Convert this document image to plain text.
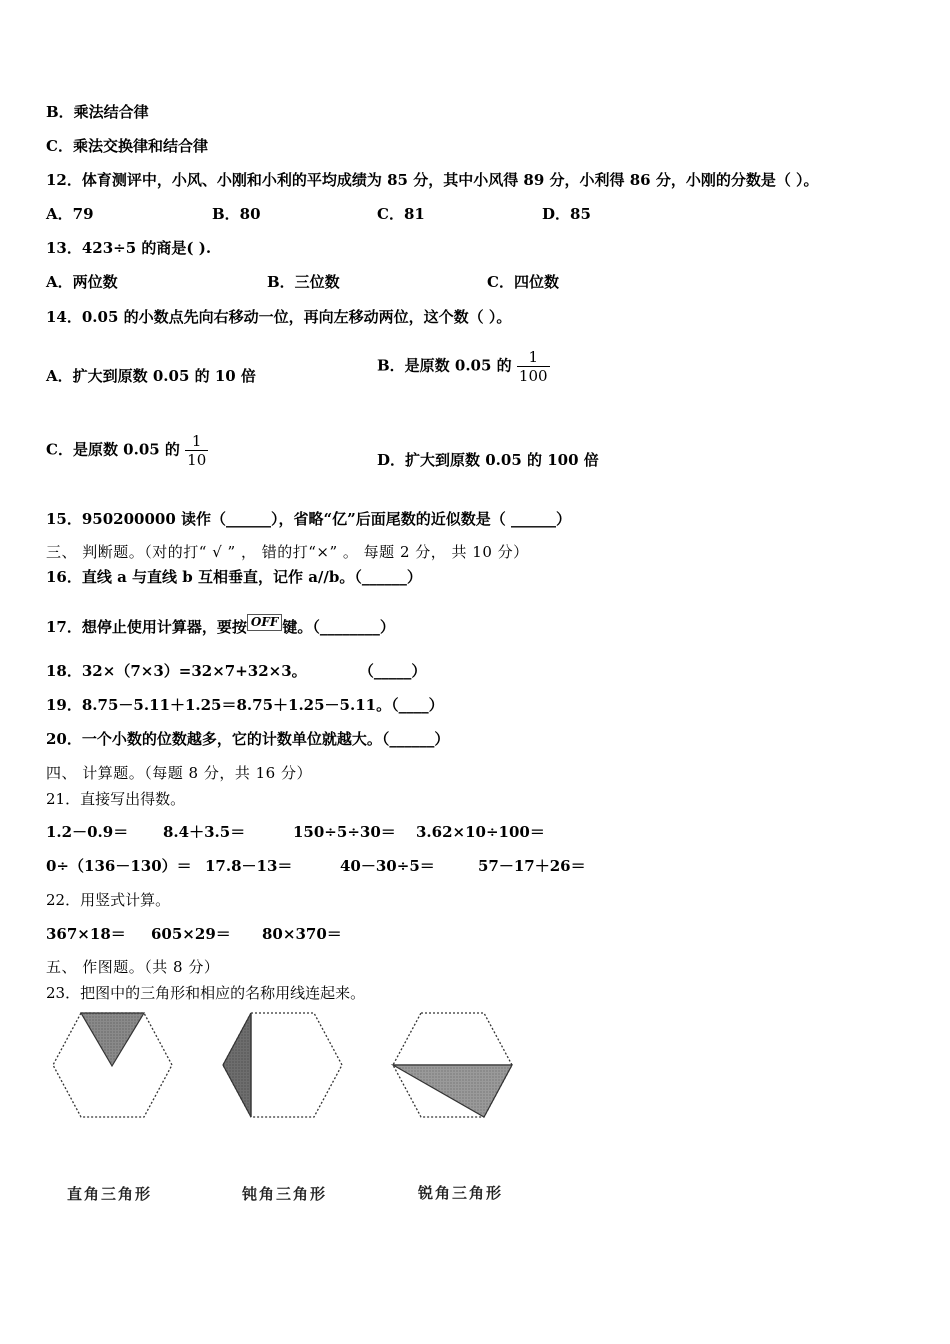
B．乘法结合律
C．乘法交换律和结合律
12．体育测评中，小风、小刚和小利的平均成绩为 85 分，其中小风得 89 分，小利得 86 分，小刚的分数是（ ）。
A．79	B．80	C．81	D．85
13．423÷5 的商是( ).
A．两位数	B．三位数	C．四位数
14．0.05 的小数点先向右移动一位，再向左移动两位，这个数（ ）。
A．扩大到原数 0.05 的 10 倍
B．是原数 0.05 的 $\frac{1}{100}$
C．是原数 0.05 的 $\frac{1}{10}$	D．扩大到原数 0.05 的 100 倍
15．950200000 读作（______），省略“亿”后面尾数的近似数是（ ______）
三、 判断题。（对的打“ √ ” ， 错的打“×” 。 每题 2 分， 共 10 分）
16．直线 a 与直线 b 互相垂直，记作 a//b。（______）
17．想停止使用计算器，要按 OFF 键。（________）
18．32×（7×3）=32×7+32×3。          （_____）
19．8.75－5.11＋1.25＝8.75＋1.25－5.11。（____）
20．一个小数的位数越多，它的计数单位就越大。（______）
四、 计算题。（每题 8 分，共 16 分）
21．直接写出得数。
1.2－0.9＝ 8.4＋3.5＝	150÷5÷30＝ 3.62×10÷100＝
0÷（136－130）＝ 17.8－13＝	40－30÷5＝	57－17＋26＝
22．用竖式计算。
367×18＝ 605×29＝ 80×370＝
五、 作图题。（共 8 分）
23．把图中的三角形和相应的名称用线连起来。
直角三角形	钝角三角形	锐角三角形
